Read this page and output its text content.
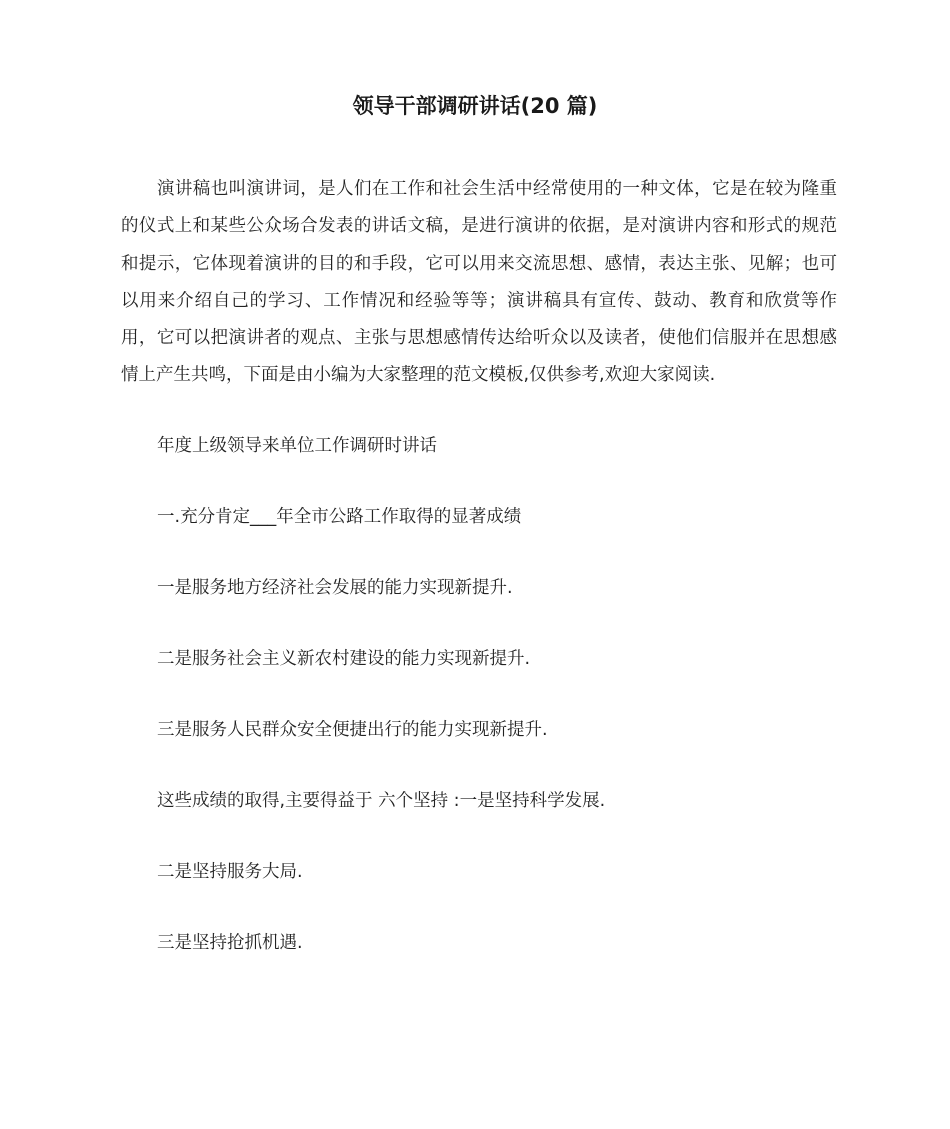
领导干部调研讲话(20 篇)

演讲稿也叫演讲词，是人们在工作和社会生活中经常使用的一种文体，它是在较为隆重的仪式上和某些公众场合发表的讲话文稿，是进行演讲的依据，是对演讲内容和形式的规范和提示，它体现着演讲的目的和手段，它可以用来交流思想、感情，表达主张、见解；也可以用来介绍自己的学习、工作情况和经验等等；演讲稿具有宣传、鼓动、教育和欣赏等作用，它可以把演讲者的观点、主张与思想感情传达给听众以及读者，使他们信服并在思想感情上产生共鸣，下面是由小编为大家整理的范文模板,仅供参考,欢迎大家阅读.

年度上级领导来单位工作调研时讲话

一.充分肯定___年全市公路工作取得的显著成绩

一是服务地方经济社会发展的能力实现新提升.

二是服务社会主义新农村建设的能力实现新提升.

三是服务人民群众安全便捷出行的能力实现新提升.

这些成绩的取得,主要得益于 六个坚持 :一是坚持科学发展.

二是坚持服务大局.

三是坚持抢抓机遇.
